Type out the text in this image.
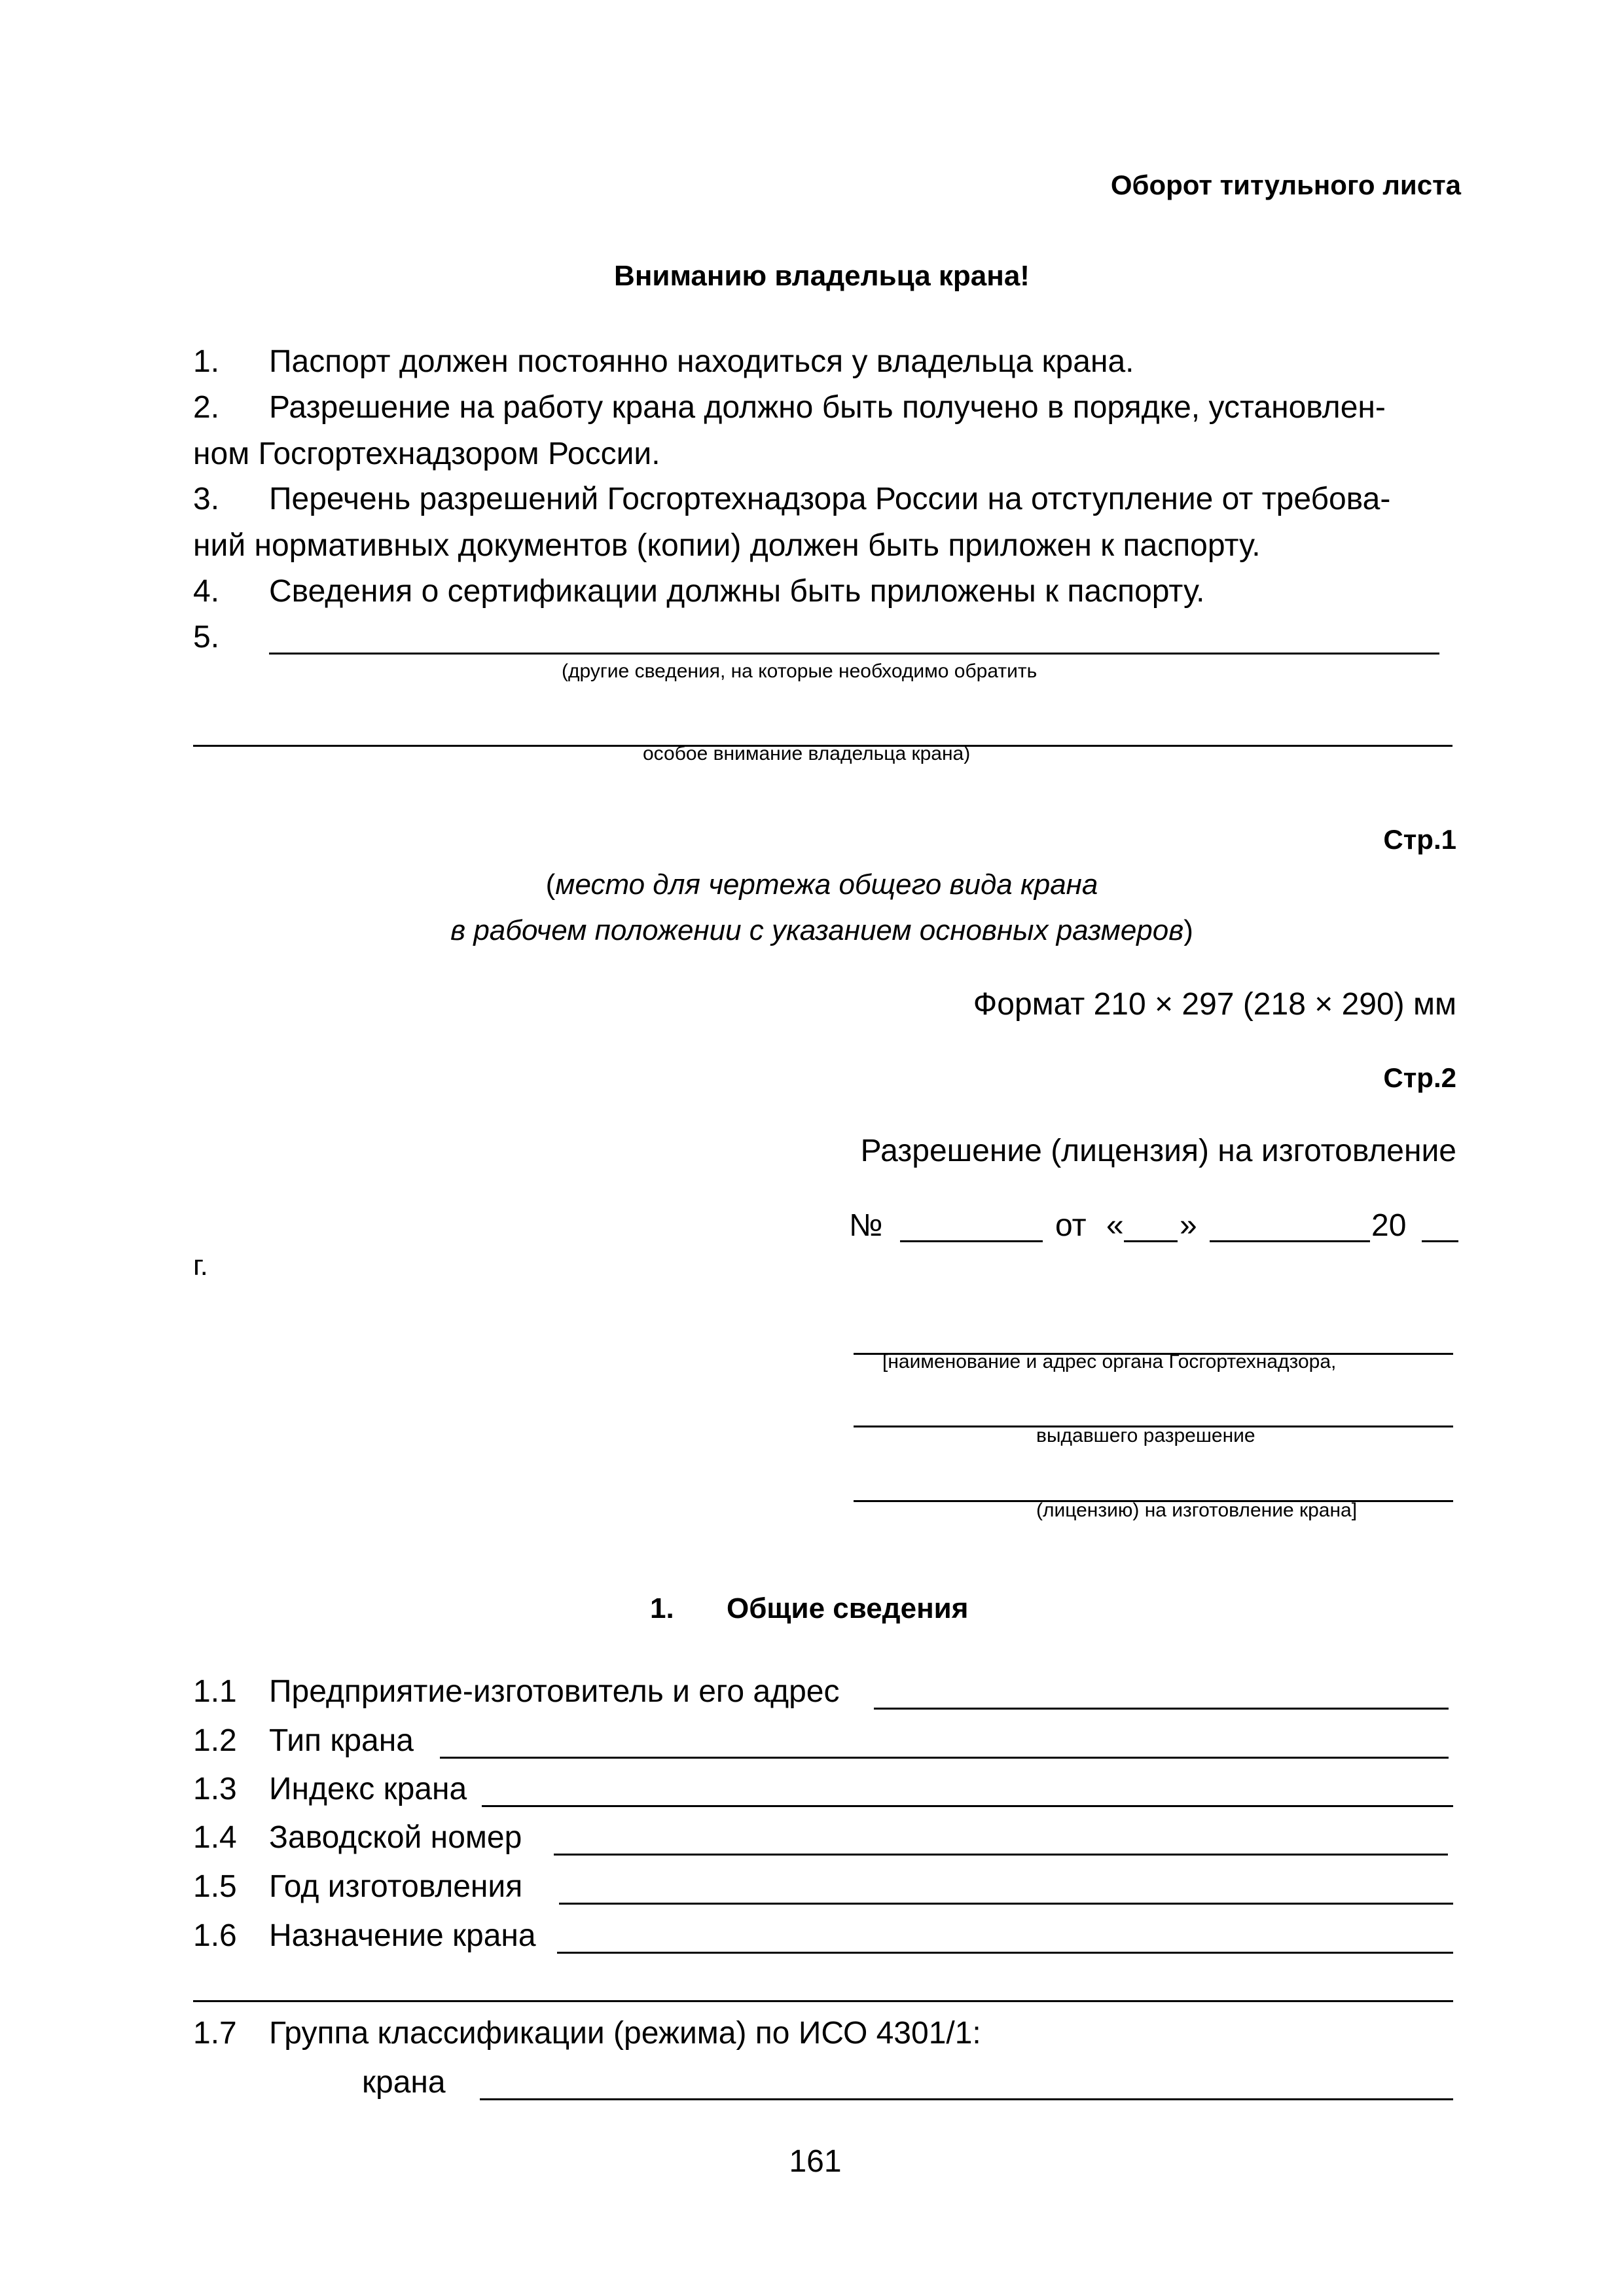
Оборот титульного листа
Вниманию владельца крана!
1. Паспорт должен постоянно находиться у владельца крана.
2. Разрешение на работу крана должно быть получено в порядке, установлен-
ном Госгортехнадзором России.
3. Перечень разрешений Госгортехнадзора России на отступление от требова-
ний нормативных документов (копии) должен быть приложен к паспорту.
4. Сведения о сертификации должны быть приложены к паспорту.
5.
(другие сведения, на которые необходимо обратить
особое внимание владельца крана)
Стр.1
(место для чертежа общего вида крана
в рабочем положении с указанием основных размеров)
Формат 210 × 297 (218 × 290) мм
Стр.2
Разрешение (лицензия) на изготовление
№	от « »	20
г.
[наименование и адрес органа Госгортехнадзора,
выдавшего разрешение
(лицензию) на изготовление крана]
1. Общие сведения
1.1 Предприятие-изготовитель и его адрес
1.2 Тип крана
1.3 Индекс крана
1.4 Заводской номер
1.5 Год изготовления
1.6 Назначение крана
1.7 Группа классификации (режима) по ИСО 4301/1:
крана
161
